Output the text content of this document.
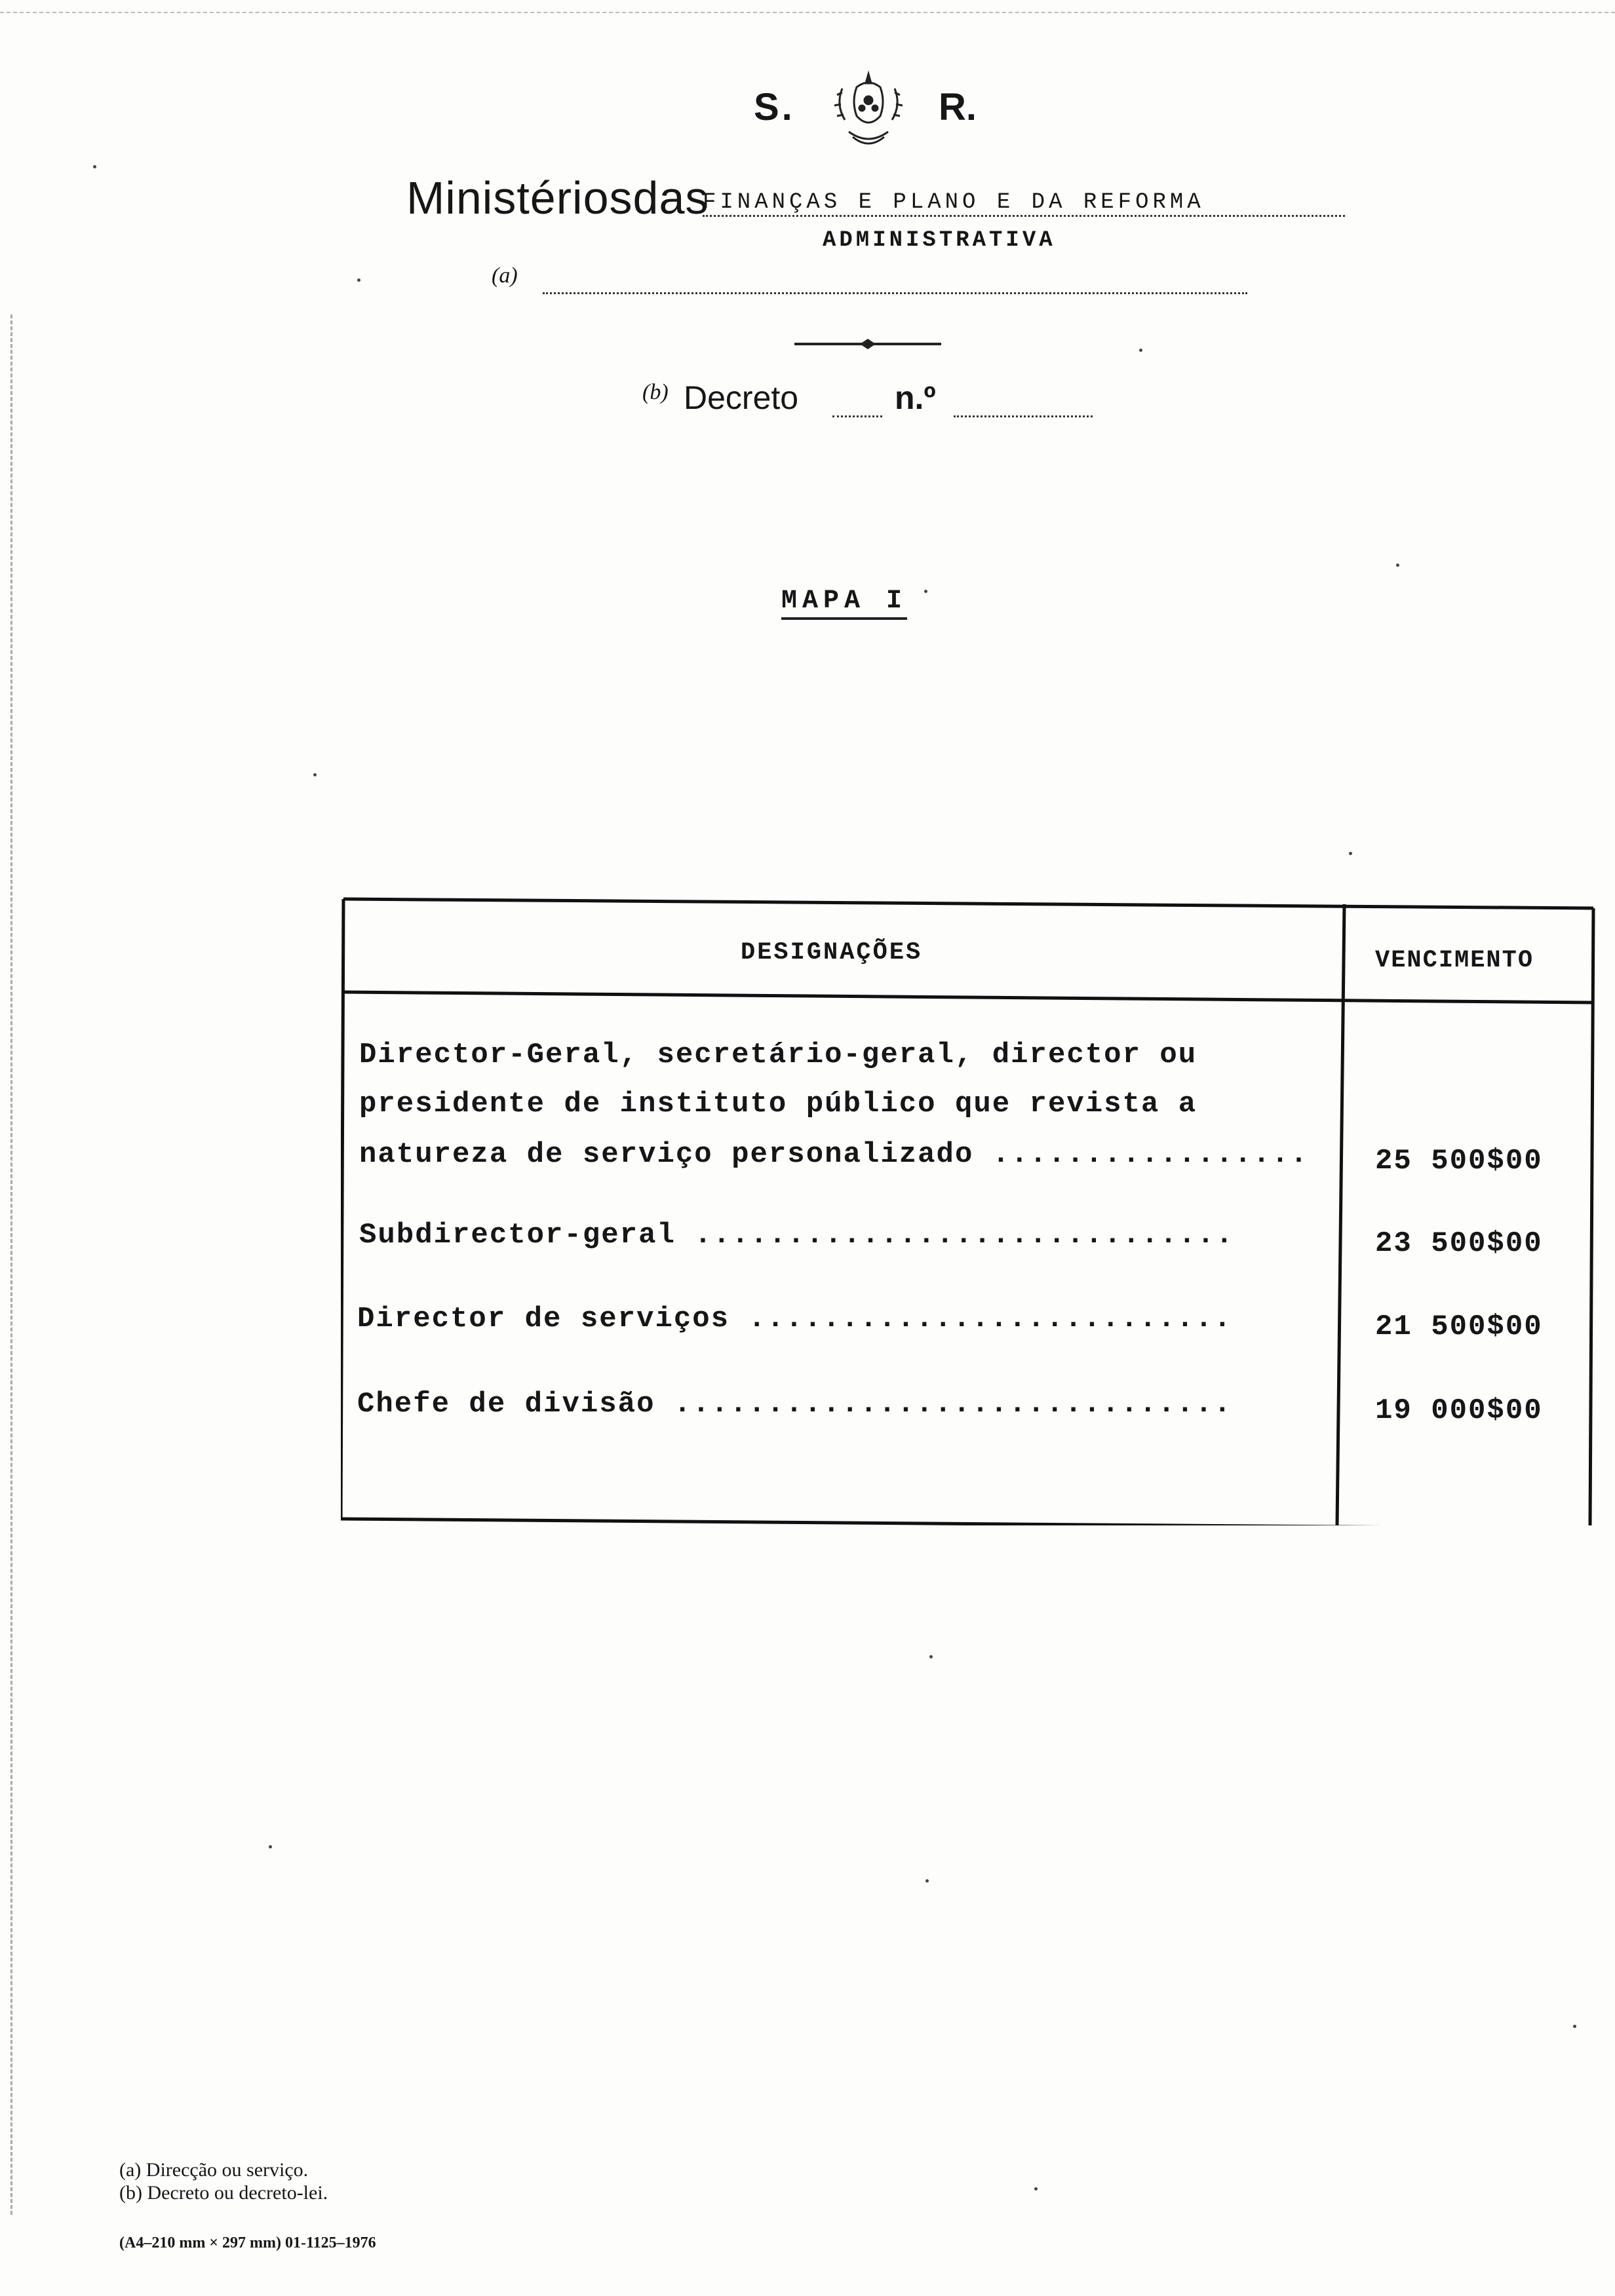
S.	R.
Ministériosdas
FINANÇAS E PLANO E DA REFORMA
ADMINISTRATIVA
(a)
(b) Decreto	n.º
MAPA I
DESIGNAÇÕES	VENCIMENTO
Director-Geral, secretário-geral, director ou
presidente de instituto público que revista a
natureza de serviço personalizado ................. 25 500$00
Subdirector-geral .............................	23 500$00
Director de serviços ..........................	21 500$00
Chefe de divisão ..............................	19 000$00
(a) Direcção ou serviço.
(b) Decreto ou decreto-lei.
(A4–210 mm × 297 mm) 01-1125–1976
